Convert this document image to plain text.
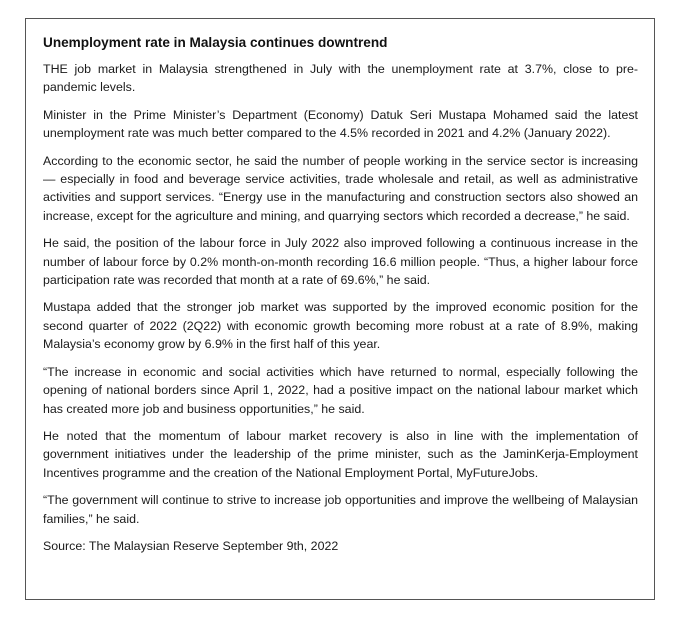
Unemployment rate in Malaysia continues downtrend

THE job market in Malaysia strengthened in July with the unemployment rate at 3.7%, close to pre-pandemic levels.

Minister in the Prime Minister’s Department (Economy) Datuk Seri Mustapa Mohamed said the latest unemployment rate was much better compared to the 4.5% recorded in 2021 and 4.2% (January 2022).

According to the economic sector, he said the number of people working in the service sector is increasing — especially in food and beverage service activities, trade wholesale and retail, as well as administrative activities and support services. “Energy use in the manufacturing and construction sectors also showed an increase, except for the agriculture and mining, and quarrying sectors which recorded a decrease,” he said.

He said, the position of the labour force in July 2022 also improved following a continuous increase in the number of labour force by 0.2% month-on-month recording 16.6 million people. “Thus, a higher labour force participation rate was recorded that month at a rate of 69.6%,” he said.

Mustapa added that the stronger job market was supported by the improved economic position for the second quarter of 2022 (2Q22) with economic growth becoming more robust at a rate of 8.9%, making Malaysia’s economy grow by 6.9% in the first half of this year.

“The increase in economic and social activities which have returned to normal, especially following the opening of national borders since April 1, 2022, had a positive impact on the national labour market which has created more job and business opportunities,” he said.

He noted that the momentum of labour market recovery is also in line with the implementation of government initiatives under the leadership of the prime minister, such as the JaminKerja-Employment Incentives programme and the creation of the National Employment Portal, MyFutureJobs.

“The government will continue to strive to increase job opportunities and improve the wellbeing of Malaysian families,” he said.

Source: The Malaysian Reserve September 9th, 2022
